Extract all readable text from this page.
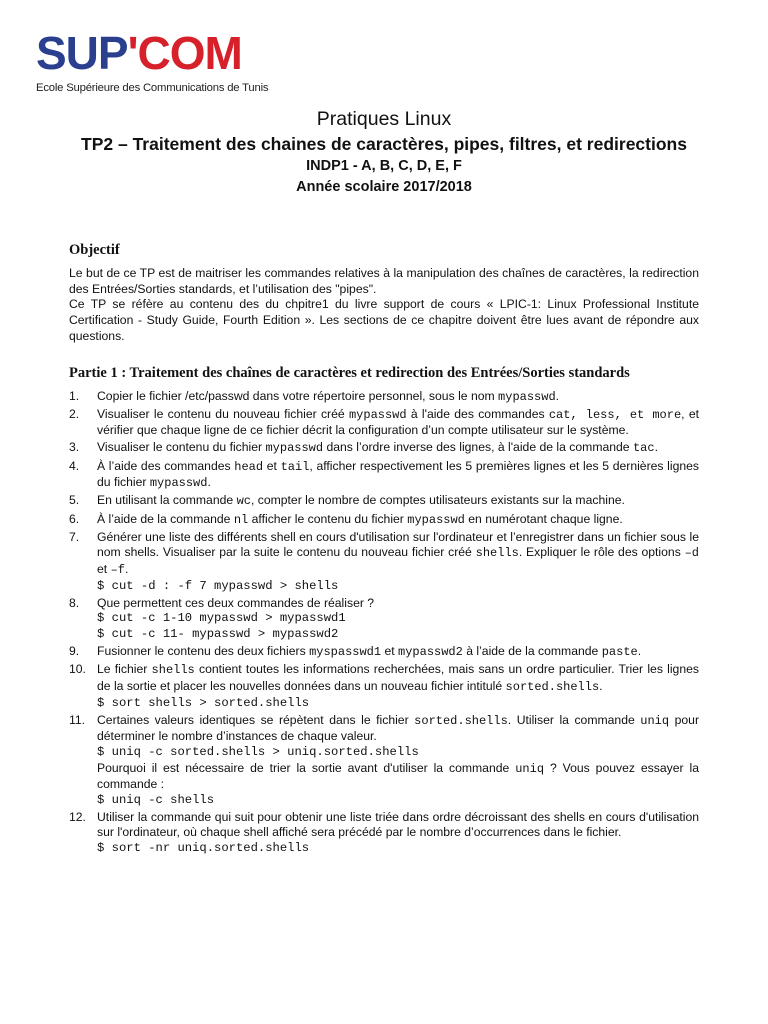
SUP'COM
Ecole Supérieure des Communications de Tunis
Pratiques Linux
TP2 – Traitement des chaines de caractères, pipes, filtres, et redirections
INDP1 - A, B, C, D, E, F
Année scolaire 2017/2018
Objectif

Le but de ce TP est de maitriser les commandes relatives à la manipulation des chaînes de caractères, la redirection des Entrées/Sorties standards, et l’utilisation des "pipes".

Ce TP se réfère au contenu des du chpitre1 du livre support de cours « LPIC-1: Linux Professional Institute Certification - Study Guide, Fourth Edition ». Les sections de ce chapitre doivent être lues avant de répondre aux questions.

Partie 1 : Traitement des chaînes de caractères et redirection des Entrées/Sorties standards
1. Copier le fichier /etc/passwd dans votre répertoire personnel, sous le nom mypasswd.
2. Visualiser le contenu du nouveau fichier créé mypasswd à l'aide des commandes cat, less, et more, et vérifier que chaque ligne de ce fichier décrit la configuration d’un compte utilisateur sur le système.
3. Visualiser le contenu du fichier mypasswd dans l’ordre inverse des lignes, à l'aide de la commande tac.
4. À l’aide des commandes head et tail, afficher respectivement les 5 premières lignes et les 5 dernières lignes du fichier mypasswd.
5. En utilisant la commande wc, compter le nombre de comptes utilisateurs existants sur la machine.
6. À l’aide de la commande nl afficher le contenu du fichier mypasswd en numérotant chaque ligne.
7. Générer une liste des différents shell en cours d'utilisation sur l'ordinateur et l’enregistrer dans un fichier sous le nom shells. Visualiser par la suite le contenu du nouveau fichier créé shells. Expliquer le rôle des options –d et –f.
$ cut -d : -f 7 mypasswd > shells
8. Que permettent ces deux commandes de réaliser ?
$ cut -c 1-10 mypasswd > mypasswd1
$ cut -c 11- mypasswd > mypasswd2
9. Fusionner le contenu des deux fichiers myspasswd1 et mypasswd2 à l’aide de la commande paste.
10. Le fichier shells contient toutes les informations recherchées, mais sans un ordre particulier. Trier les lignes de la sortie et placer les nouvelles données dans un nouveau fichier intitulé sorted.shells.
$ sort shells > sorted.shells
11. Certaines valeurs identiques se répètent dans le fichier sorted.shells. Utiliser la commande uniq pour déterminer le nombre d’instances de chaque valeur.
$ uniq -c sorted.shells > uniq.sorted.shells
Pourquoi il est nécessaire de trier la sortie avant d'utiliser la commande uniq ? Vous pouvez essayer la commande :
$ uniq -c shells
12. Utiliser la commande qui suit pour obtenir une liste triée dans ordre décroissant des shells en cours d'utilisation sur l'ordinateur, où chaque shell affiché sera précédé par le nombre d’occurrences dans le fichier.
$ sort -nr uniq.sorted.shells
